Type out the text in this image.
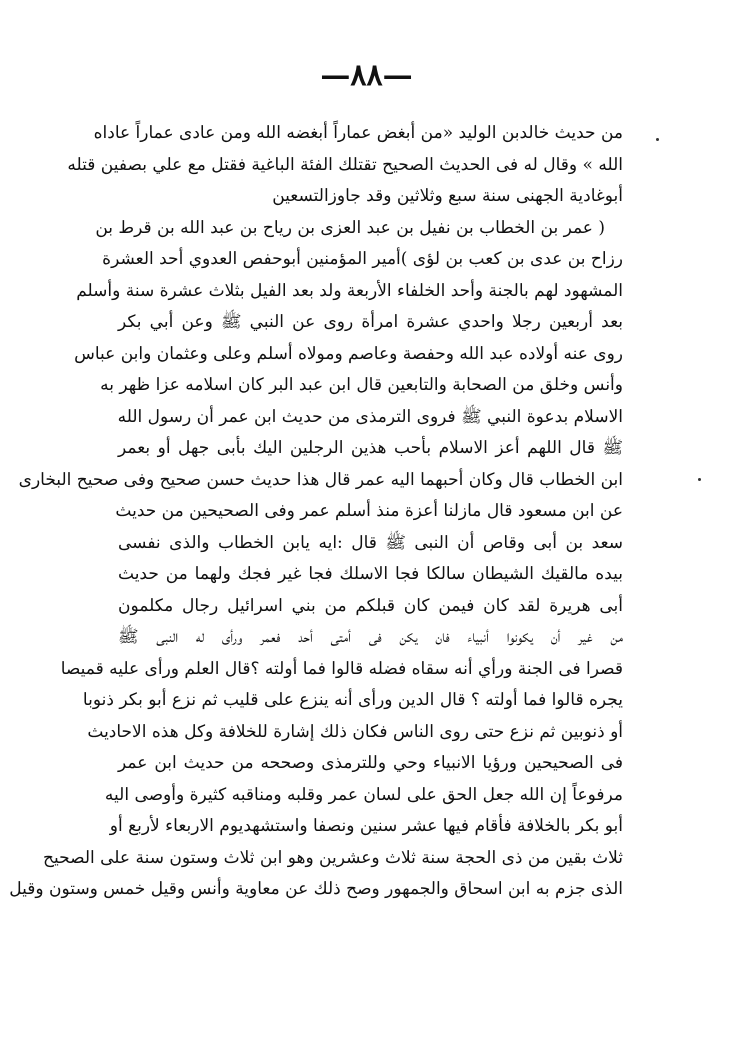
—٨٨—
من حديث خالدبن الوليد «من أبغض عماراً أبغضه الله ومن عادى عماراً عاداه
الله » وقال له فى الحديث الصحيح تقتلك الفئة الباغية فقتل مع علي بصفين قتله
أبوغادية الجهنى سنة سبع وثلاثين وقد جاوزالتسعين
( عمر بن الخطاب بن نفيل بن عبد العزى بن رياح بن عبد الله بن قرط بن
رزاح بن عدى بن كعب بن لؤى )أمير المؤمنين أبوحفص العدوي أحد العشرة
المشهود لهم بالجنة وأحد الخلفاء الأربعة ولد بعد الفيل بثلاث عشرة سنة وأسلم
بعد أربعين رجلا واحدي عشرة امرأة روى عن النبي ﷺ وعن أبي بكر
روى عنه أولاده عبد الله وحفصة وعاصم ومولاه أسلم وعلى وعثمان وابن عباس
وأنس وخلق من الصحابة والتابعين قال ابن عبد البر كان اسلامه عزا ظهر به
الاسلام بدعوة النبي ﷺ فروى الترمذى من حديث ابن عمر أن رسول الله
ﷺ قال اللهم أعز الاسلام بأحب هذين الرجلين اليك بأبى جهل أو بعمر
ابن الخطاب قال وكان أحبهما اليه عمر قال هذا حديث حسن صحيح وفى صحيح البخارى
عن ابن مسعود قال مازلنا أعزة منذ أسلم عمر وفى الصحيحين من حديث
سعد بن أبى وقاص أن النبى ﷺ قال :ايه يابن الخطاب والذى نفسى
بيده مالقيك الشيطان سالكا فجا الاسلك فجا غير فجك ولهما من حديث
أبى هريرة لقد كان فيمن كان قبلكم من بني اسرائيل رجال مكلمون
من غير أن يكونوا أنبياء فان يكن فى أمتى أحد فعمر ورأى له النبى ﷺ
قصرا فى الجنة ورأي أنه سقاه فضله قالوا فما أولته ؟قال العلم ورأى عليه قميصا
يجره قالوا فما أولته ؟ قال الدين ورأى أنه ينزع على قليب ثم نزع أبو بكر ذنوبا
أو ذنوبين ثم نزع حتى روى الناس فكان ذلك إشارة للخلافة وكل هذه الاحاديث
فى الصحيحين ورؤيا الانبياء وحي وللترمذى وصححه من حديث ابن عمر
مرفوعاً إن الله جعل الحق على لسان عمر وقلبه ومناقبه كثيرة وأوصى اليه
أبو بكر بالخلافة فأقام فيها عشر سنين ونصفا واستشهديوم الاربعاء لأربع أو
ثلاث بقين من ذى الحجة سنة ثلاث وعشرين وهو ابن ثلاث وستون سنة على الصحيح
الذى جزم به ابن اسحاق والجمهور وصح ذلك عن معاوية وأنس وقيل خمس وستون وقيل
